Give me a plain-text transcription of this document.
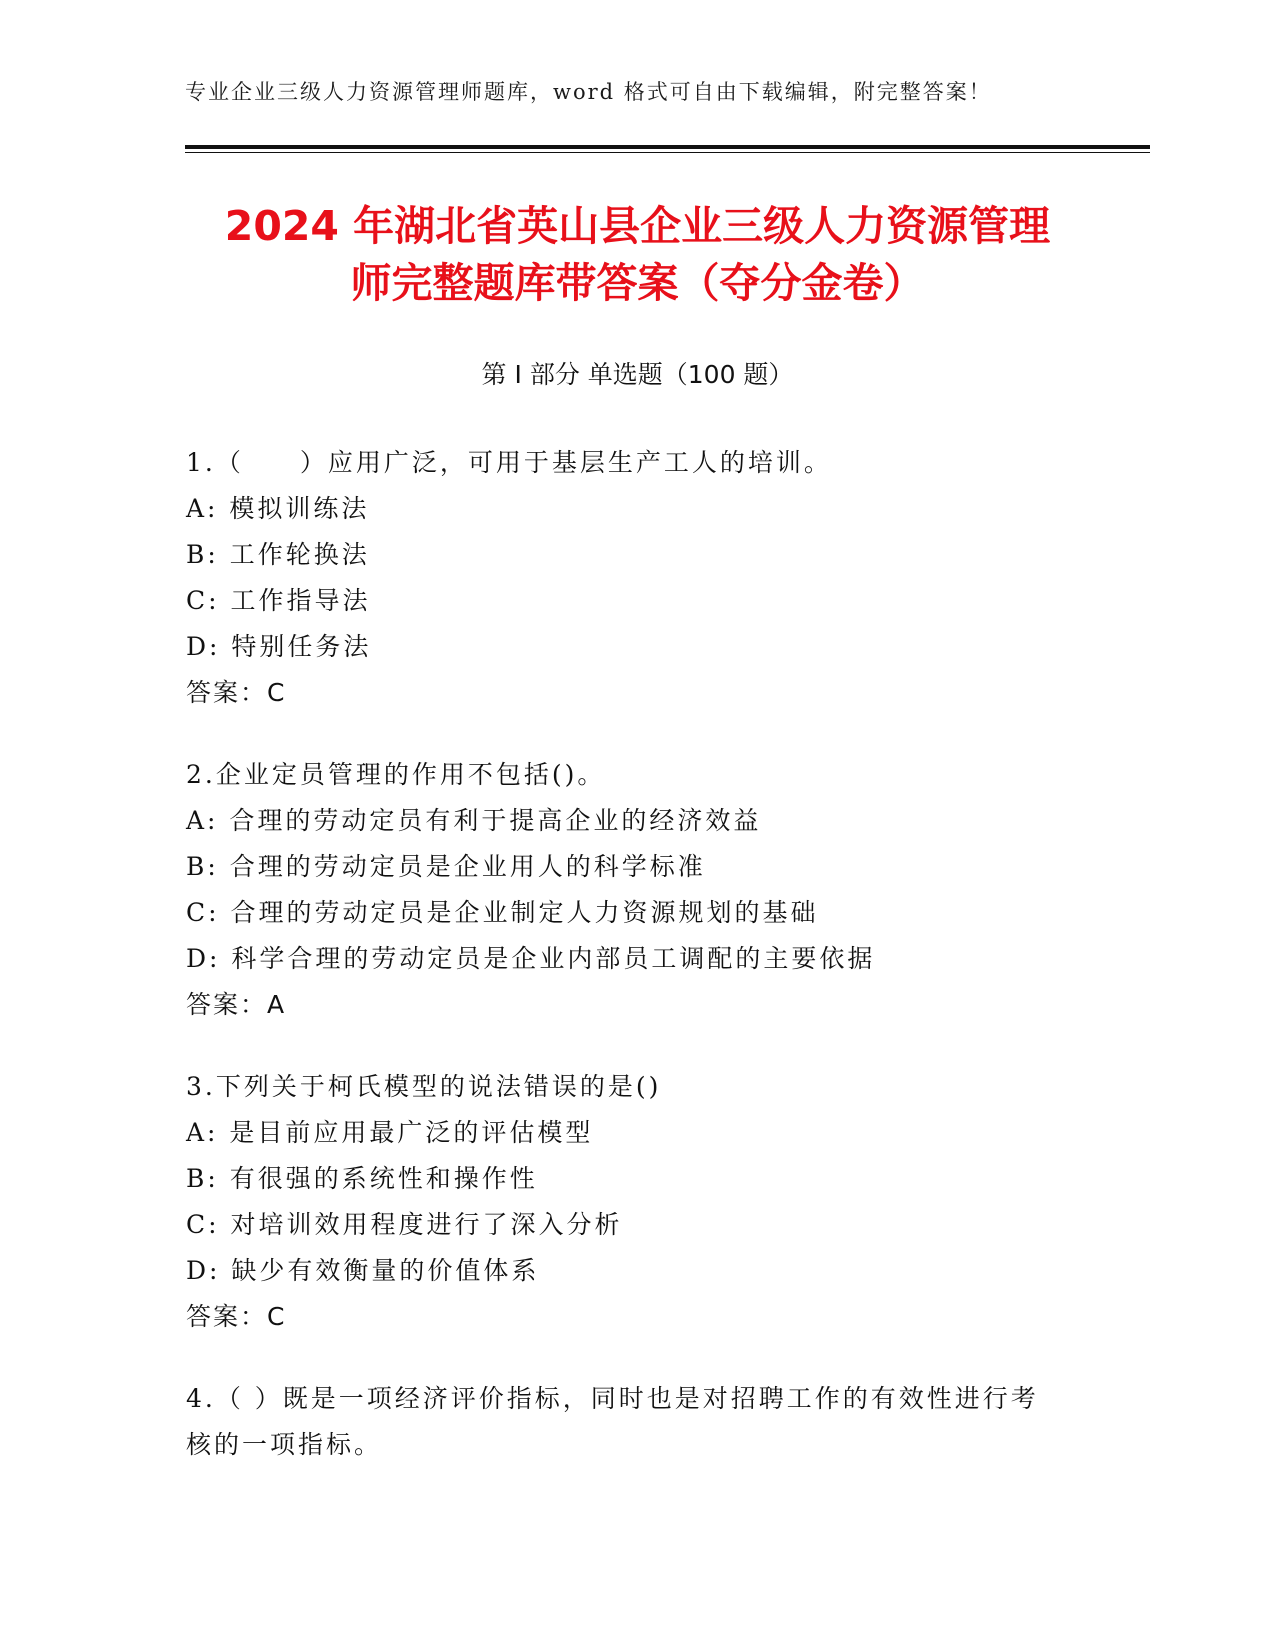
专业企业三级人力资源管理师题库，word 格式可自由下载编辑，附完整答案！
2024 年湖北省英山县企业三级人力资源管理
师完整题库带答案（夺分金卷）
第 I 部分 单选题（100 题）
1.（　　）应用广泛，可用于基层生产工人的培训。
A: 模拟训练法
B: 工作轮换法
C: 工作指导法
D: 特别任务法
答案：C
2.企业定员管理的作用不包括()。
A: 合理的劳动定员有利于提高企业的经济效益
B: 合理的劳动定员是企业用人的科学标准
C: 合理的劳动定员是企业制定人力资源规划的基础
D: 科学合理的劳动定员是企业内部员工调配的主要依据
答案：A
3.下列关于柯氏模型的说法错误的是()
A: 是目前应用最广泛的评估模型
B: 有很强的系统性和操作性
C: 对培训效用程度进行了深入分析
D: 缺少有效衡量的价值体系
答案：C
4.（ ）既是一项经济评价指标，同时也是对招聘工作的有效性进行考核的一项指标。
